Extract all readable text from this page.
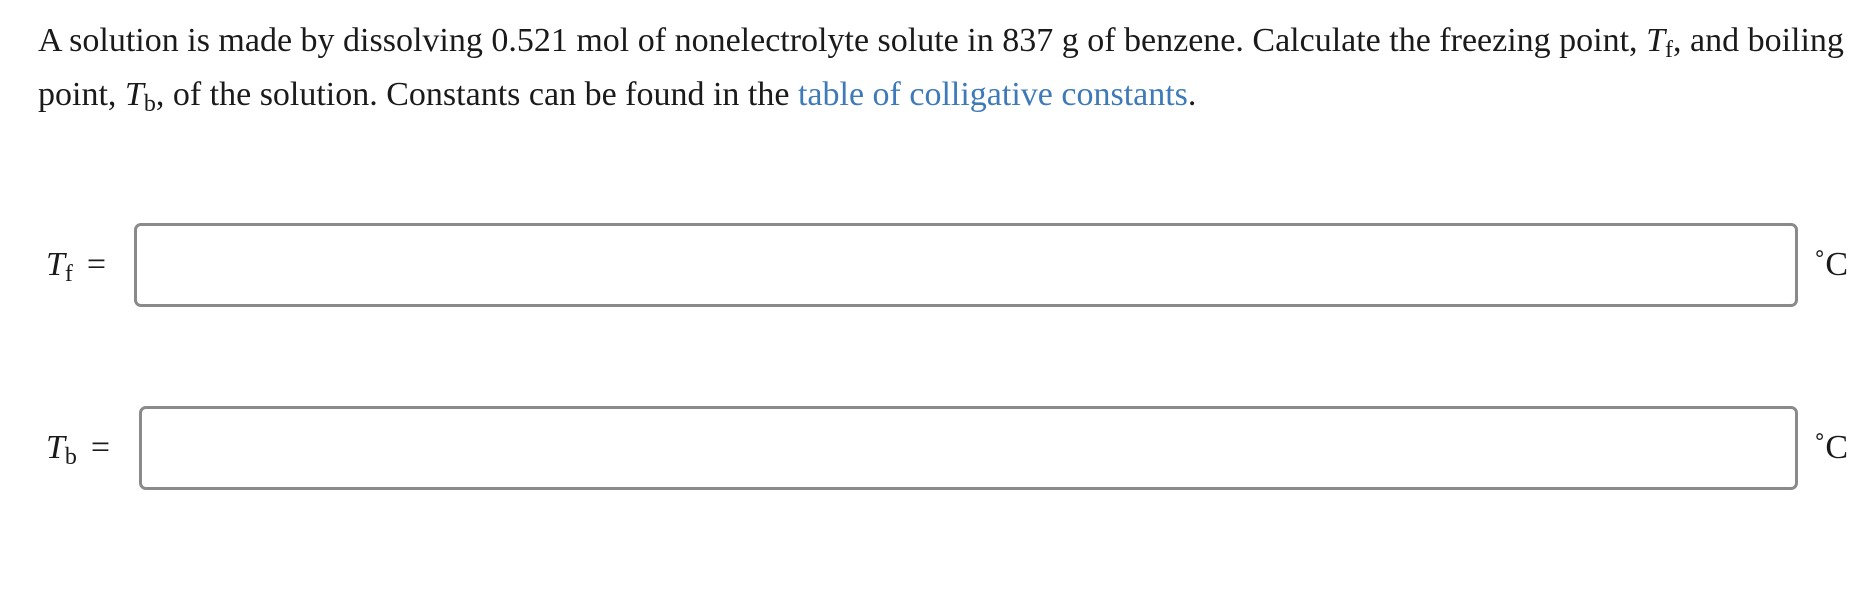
A solution is made by dissolving 0.521 mol of nonelectrolyte solute in 837 g of benzene. Calculate the freezing point, $T_f$, and boiling point, $T_b$, of the solution. Constants can be found in the table of colligative constants.

$T_f$ =	˚C
$T_b$ =	˚C
